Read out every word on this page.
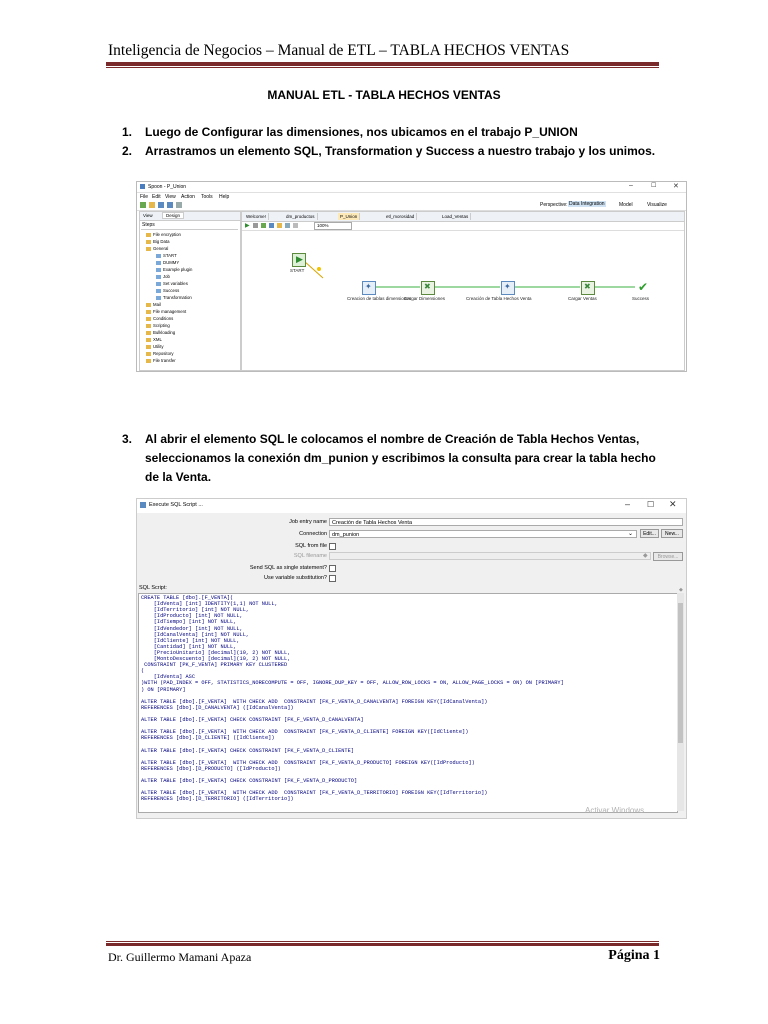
Inteligencia de Negocios – Manual de ETL – TABLA HECHOS VENTAS
MANUAL ETL - TABLA HECHOS VENTAS
1. Luego de Configurar las dimensiones, nos ubicamos en el trabajo P_UNION
2. Arrastramos un elemento SQL, Transformation y Success a nuestro trabajo y los unimos.
Spoon - P_Union	–	☐ ✕
File Edit View Action Tools Help
Perspective: Data Integration	Model	Visualize
View	Design
Steps
File encryption
Big Data
General
START
DUMMY
Example plugin
Job
Set variables
Success
Transformation
Mail
File management
Conditions
Scripting
Bulkloading
XML
Utility
Repository
File transfer
Welcome!	dm_productos	P_Union	etl_morosidad	Load_Ventas
▶	100%
▶
START
✦
Creacion de tablas dimensiones
✖
Cargar Dimensiones
✦
Creación de Tabla Hechos Venta
✖
Cargar Ventas
✔
Success
3. Al abrir el elemento SQL le colocamos el nombre de Creación de Tabla Hechos Ventas, seleccionamos la conexión dm_punion y escribimos la consulta para crear la tabla hecho de la Venta.
Execute SQL Script ...	– ☐ ✕
Job entry name Creación de Tabla Hechos Venta
Connection dm_punion	⌄	Edit...	New...
SQL from file
SQL filename	◆	Browse...
Send SQL as single statement?
Use variable substitution?
SQL Script:	◆
CREATE TABLE [dbo].[F_VENTA](
[IdVenta] [int] IDENTITY(1,1) NOT NULL,
[IdTerritorio] [int] NOT NULL,
[IdProducto] [int] NOT NULL,
[IdTiempo] [int] NOT NULL,
[IdVendedor] [int] NOT NULL,
[IdCanalVenta] [int] NOT NULL,
[IdCliente] [int] NOT NULL,
[Cantidad] [int] NOT NULL,
[PrecioUnitario] [decimal](10, 2) NOT NULL,
[MontoDescuento] [decimal](10, 2) NOT NULL,
CONSTRAINT [PK_F_VENTA] PRIMARY KEY CLUSTERED
(
[IdVenta] ASC
)WITH (PAD_INDEX = OFF, STATISTICS_NORECOMPUTE = OFF, IGNORE_DUP_KEY = OFF, ALLOW_ROW_LOCKS = ON, ALLOW_PAGE_LOCKS = ON) ON [PRIMARY]
) ON [PRIMARY]
ALTER TABLE [dbo].[F_VENTA]  WITH CHECK ADD  CONSTRAINT [FK_F_VENTA_D_CANALVENTA] FOREIGN KEY([IdCanalVenta])
REFERENCES [dbo].[D_CANALVENTA] ([IdCanalVenta])
ALTER TABLE [dbo].[F_VENTA] CHECK CONSTRAINT [FK_F_VENTA_D_CANALVENTA]
ALTER TABLE [dbo].[F_VENTA]  WITH CHECK ADD  CONSTRAINT [FK_F_VENTA_D_CLIENTE] FOREIGN KEY([IdCliente])
REFERENCES [dbo].[D_CLIENTE] ([IdCliente])
ALTER TABLE [dbo].[F_VENTA] CHECK CONSTRAINT [FK_F_VENTA_D_CLIENTE]
ALTER TABLE [dbo].[F_VENTA]  WITH CHECK ADD  CONSTRAINT [FK_F_VENTA_D_PRODUCTO] FOREIGN KEY([IdProducto])
REFERENCES [dbo].[D_PRODUCTO] ([IdProducto])
ALTER TABLE [dbo].[F_VENTA] CHECK CONSTRAINT [FK_F_VENTA_D_PRODUCTO]
ALTER TABLE [dbo].[F_VENTA]  WITH CHECK ADD  CONSTRAINT [FK_F_VENTA_D_TERRITORIO] FOREIGN KEY([IdTerritorio])
REFERENCES [dbo].[D_TERRITORIO] ([IdTerritorio])
Activar Windows
Dr. Guillermo Mamani Apaza	Página 1
